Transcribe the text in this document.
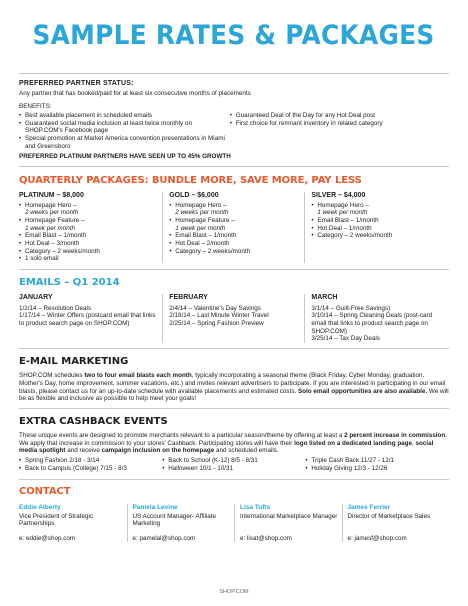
SAMPLE RATES & PACKAGES
PREFERRED PARTNER STATUS:
Any partner that has booked/paid for at least six consecutive months of placements
BENEFITS:
• Best available placement in scheduled emails
• Guaranteed social media inclusion at least twice monthly on SHOP.COM's Facebook page
• Special promotion at Market America convention presentations in Miami and Greensboro
• Guaranteed Deal of the Day for any Hot Deal post
• First choice for remnant inventory in related category
PREFERRED PLATINUM PARTNERS HAVE SEEN UP TO 45% GROWTH
QUARTERLY PACKAGES: BUNDLE MORE, SAVE MORE, PAY LESS
PLATINUM – $8,000
• Homepage Hero –
2 weeks per month
• Homepage Feature –
1 week per month
• Email Blast – 1/month
• Hot Deal – 3/month
• Category – 2 weeks/month
• 1 solo email
GOLD – $6,000
• Homepage Hero –
2 weeks per month
• Homepage Feature –
1 week per month
• Email Blast – 1/month
• Hot Deal – 2/month
• Category – 2 weeks/month
SILVER – $4,000
• Homepage Hero –
1 week per month
• Email Blast – 1/month
• Hot Deal – 1/month
• Category – 2 weeks/month
EMAILS – Q1 2014
JANUARY
1/2/14 – Resolution Deals
1/17/14 – Winter Offers (postcard email that links to product search page on SHOP.COM)
FEBRUARY
2/4/14 – Valentine's Day Savings
2/18/14 – Last Minute Winter Travel
2/25/14 – Spring Fashion Preview
MARCH
3/1/14 – Guilt-Free Savings)
3/10/14 – Spring Cleaning Deals (post-card email that links to product search page on SHOP.COM)
3/25/14 – Tax Day Deals
E-MAIL MARKETING
SHOP.COM schedules two to four email blasts each month, typically incorporating a seasonal theme (Black Friday, Cyber Monday, graduation, Mother's Day, home improvement, summer vacations, etc.) and invites relevant advertisers to participate. If you are interested in participating in our email blasts, please contact us for an up-to-date schedule with available placements and estimated costs. Solo email opportunities are also available. We will be as flexible and inclusive as possible to help meet your goals!
EXTRA CASHBACK EVENTS
These unique events are designed to promote merchants relevant to a particular season/theme by offering at least a 2 percent increase in commission. We apply that increase in commission to your stores' Cashback. Participating stores will have their logo listed on a dedicated landing page, social media spotlight and receive campaign inclusion on the homepage and scheduled emails.
• Spring Fashion 2/18 - 3/14
• Back to Campus (College) 7/15 - 8/3
• Back to School (K-12) 8/5 - 8/31
• Halloween 10/1 - 10/31
• Triple Cash Back 11/27 - 12/1
• Holiday Giving 12/3 - 12/26
CONTACT
Eddie Alberty
Vice President of Strategic Partnerships
e: eddie@shop.com
Pamela Levine
US Account Manager- Affiliate Marketing
e: pamelal@shop.com
Lisa Tufts
International Marketplace Manager
e: lisat@shop.com
James Ferrier
Director of Marketplace Sales
e: jamesf@shop.com
SHOP.COM
